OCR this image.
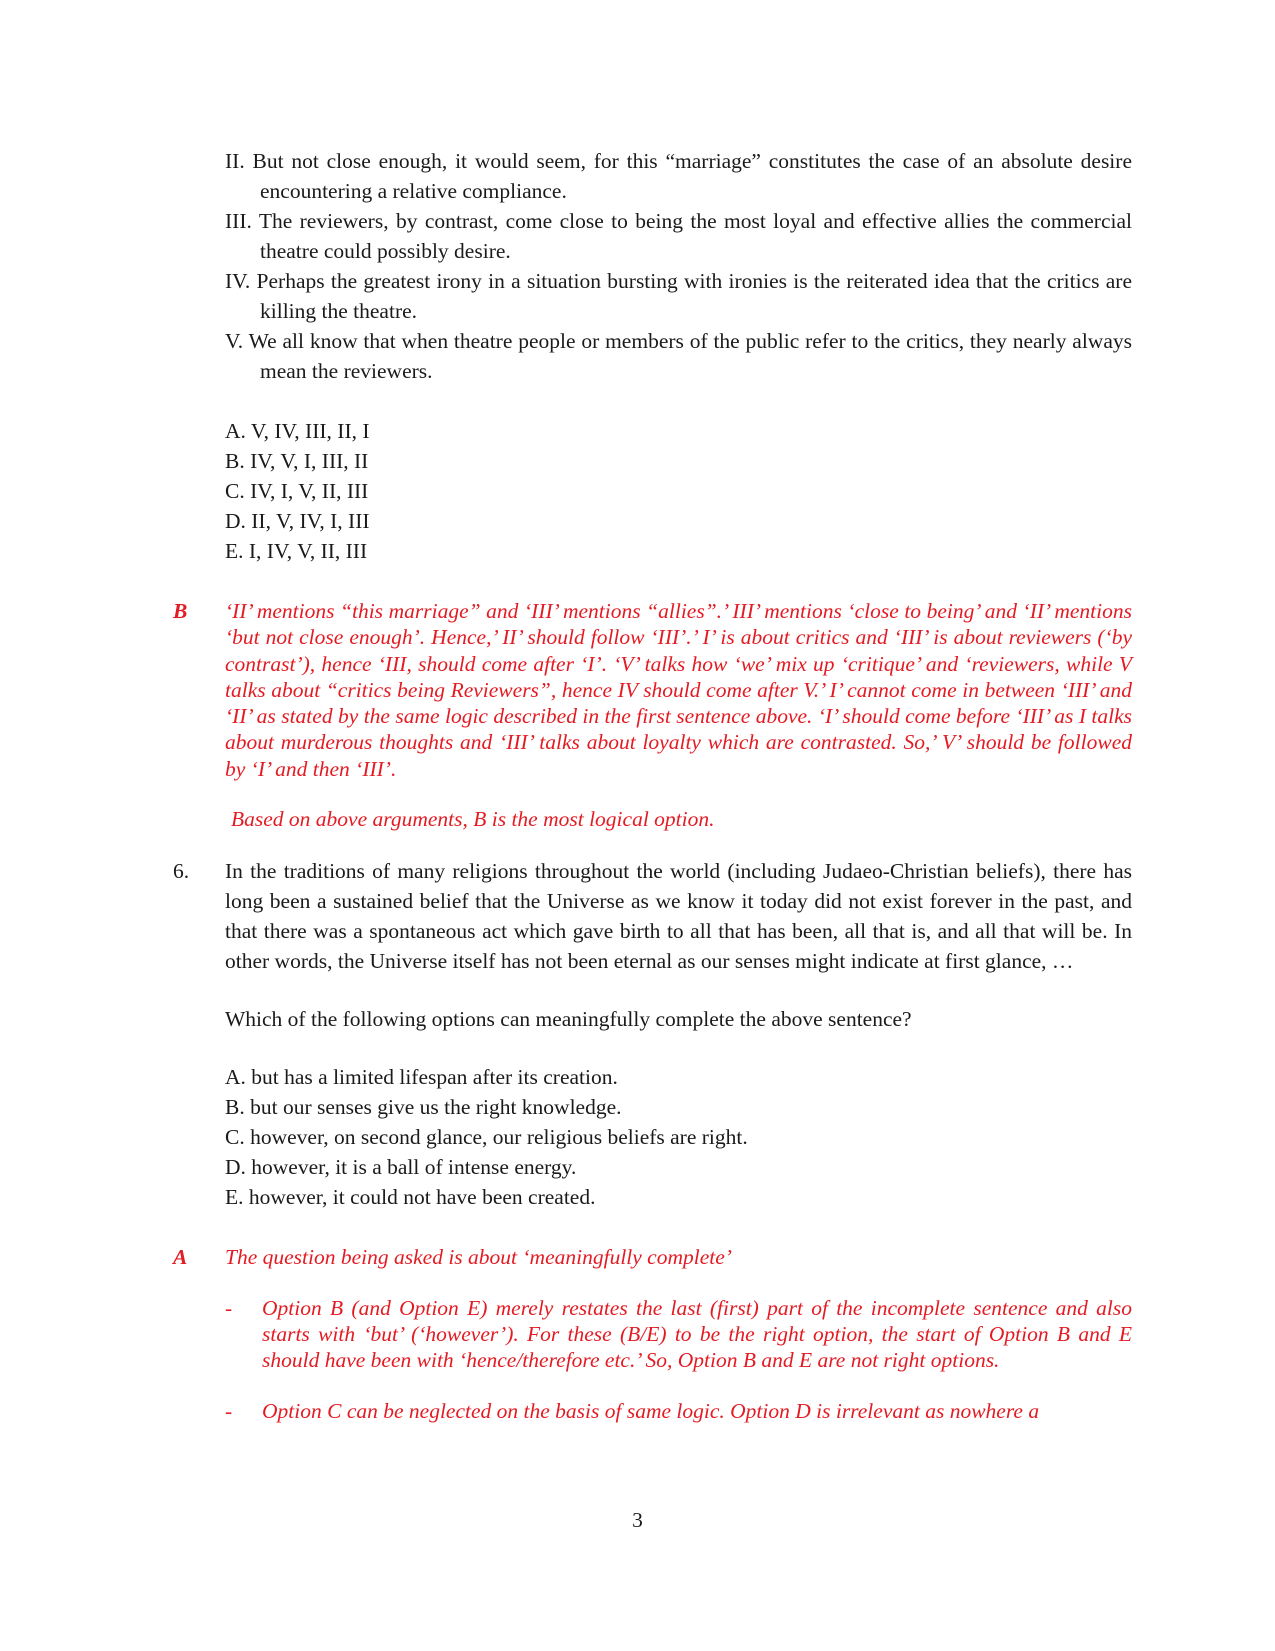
II. But not close enough, it would seem, for this “marriage” constitutes the case of an absolute desire encountering a relative compliance.

III. The reviewers, by contrast, come close to being the most loyal and effective allies the commercial theatre could possibly desire.

IV. Perhaps the greatest irony in a situation bursting with ironies is the reiterated idea that the critics are killing the theatre.

V. We all know that when theatre people or members of the public refer to the critics, they nearly always mean the reviewers.

A. V, IV, III, II, I

B. IV, V, I, III, II

C. IV, I, V, II, III

D. II, V, IV, I, III

E. I, IV, V, II, III

B ‘II’ mentions “this marriage” and ‘III’ mentions “allies”.’ III’ mentions ‘close to being’ and ‘II’ mentions ‘but not close enough’. Hence,’ II’ should follow ‘III’.’ I’ is about critics and ‘III’ is about reviewers (‘by contrast’), hence ‘III, should come after ‘I’. ‘V’ talks how ‘we’ mix up ‘critique’ and ‘reviewers, while V talks about “critics being Reviewers”, hence IV should come after V.’ I’ cannot come in between ‘III’ and ‘II’ as stated by the same logic described in the first sentence above. ‘I’ should come before ‘III’ as I talks about murderous thoughts and ‘III’ talks about loyalty which are contrasted. So,’ V’ should be followed by ‘I’ and then ‘III’.

Based on above arguments, B is the most logical option.

6. In the traditions of many religions throughout the world (including Judaeo-Christian beliefs), there has long been a sustained belief that the Universe as we know it today did not exist forever in the past, and that there was a spontaneous act which gave birth to all that has been, all that is, and all that will be. In other words, the Universe itself has not been eternal as our senses might indicate at first glance, …

Which of the following options can meaningfully complete the above sentence?

A. but has a limited lifespan after its creation.

B. but our senses give us the right knowledge.

C. however, on second glance, our religious beliefs are right.

D. however, it is a ball of intense energy.

E. however, it could not have been created.

A The question being asked is about ‘meaningfully complete’
- Option B (and Option E) merely restates the last (first) part of the incomplete sentence and also starts with ‘but’ (‘however’). For these (B/E) to be the right option, the start of Option B and E should have been with ‘hence/therefore etc.’ So, Option B and E are not right options.
- Option C can be neglected on the basis of same logic. Option D is irrelevant as nowhere a
3
